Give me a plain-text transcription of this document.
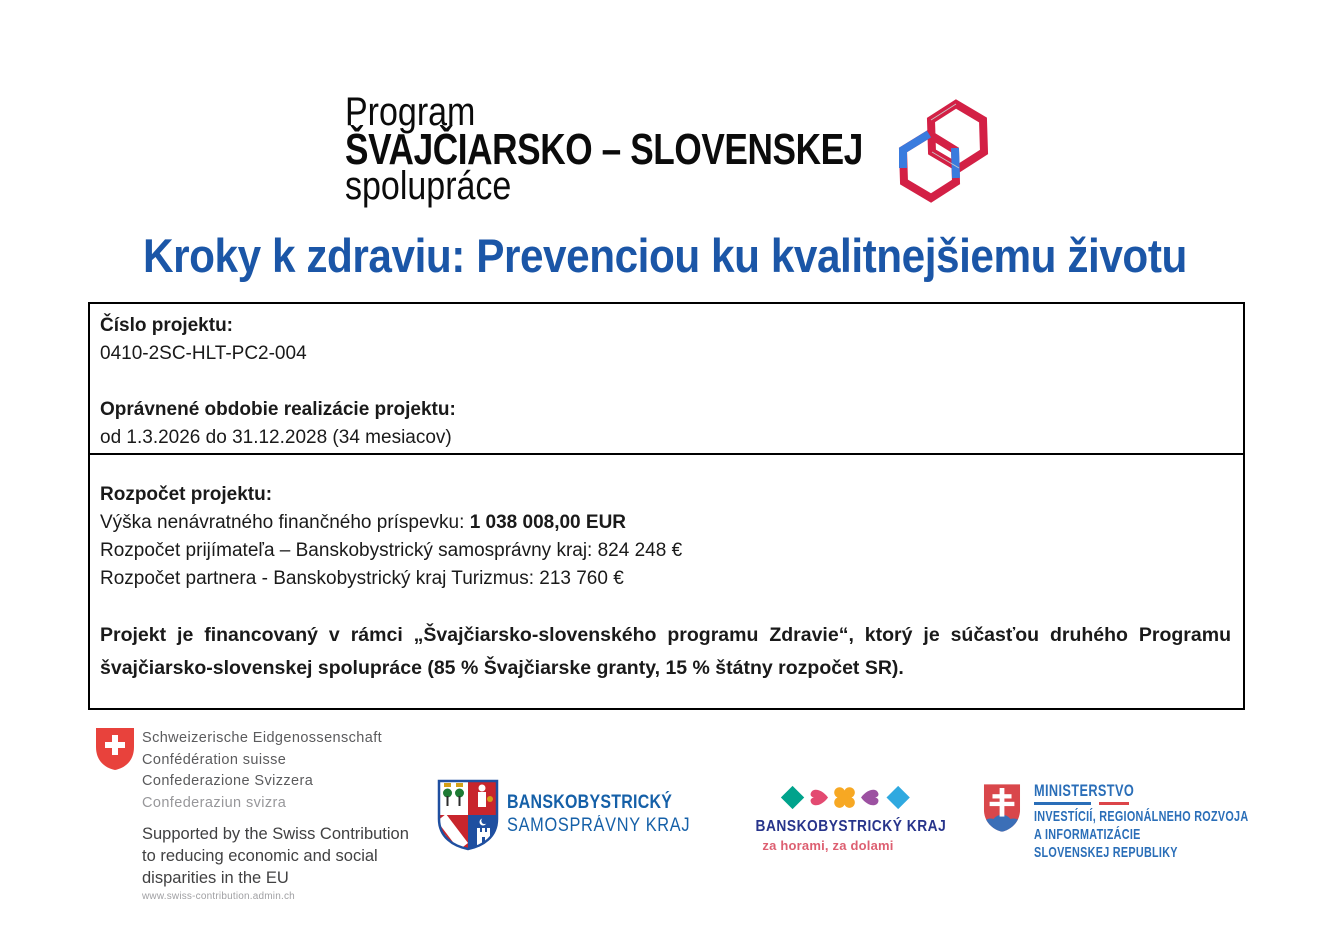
Program
ŠVAJČIARSKO – SLOVENSKEJ
spolupráce
Kroky k zdraviu: Prevenciou ku kvalitnejšiemu životu
Číslo projektu:
0410-2SC-HLT-PC2-004
Oprávnené obdobie realizácie projektu:
od 1.3.2026 do 31.12.2028 (34 mesiacov)
Rozpočet projektu:
Výška nenávratného finančného príspevku: 1 038 008,00 EUR
Rozpočet prijímateľa – Banskobystrický samosprávny kraj: 824 248 €
Rozpočet partnera - Banskobystrický kraj Turizmus: 213 760 €
Projekt je financovaný v rámci „Švajčiarsko-slovenského programu Zdravie“, ktorý je súčasťou druhého Programu švajčiarsko-slovenskej spolupráce (85 % Švajčiarske granty, 15 % štátny rozpočet SR).
Schweizerische Eidgenossenschaft
Confédération suisse
Confederazione Svizzera
Confederaziun svizra
Supported by the Swiss Contribution
to reducing economic and social
disparities in the EU
www.swiss-contribution.admin.ch
BANSKOBYSTRICKÝ
SAMOSPRÁVNY KRAJ	BANSKOBYSTRICKÝ KRAJ
za horami, za dolami
MINISTERSTVO
INVESTÍCIÍ, REGIONÁLNEHO ROZVOJA
A INFORMATIZÁCIE
SLOVENSKEJ REPUBLIKY
